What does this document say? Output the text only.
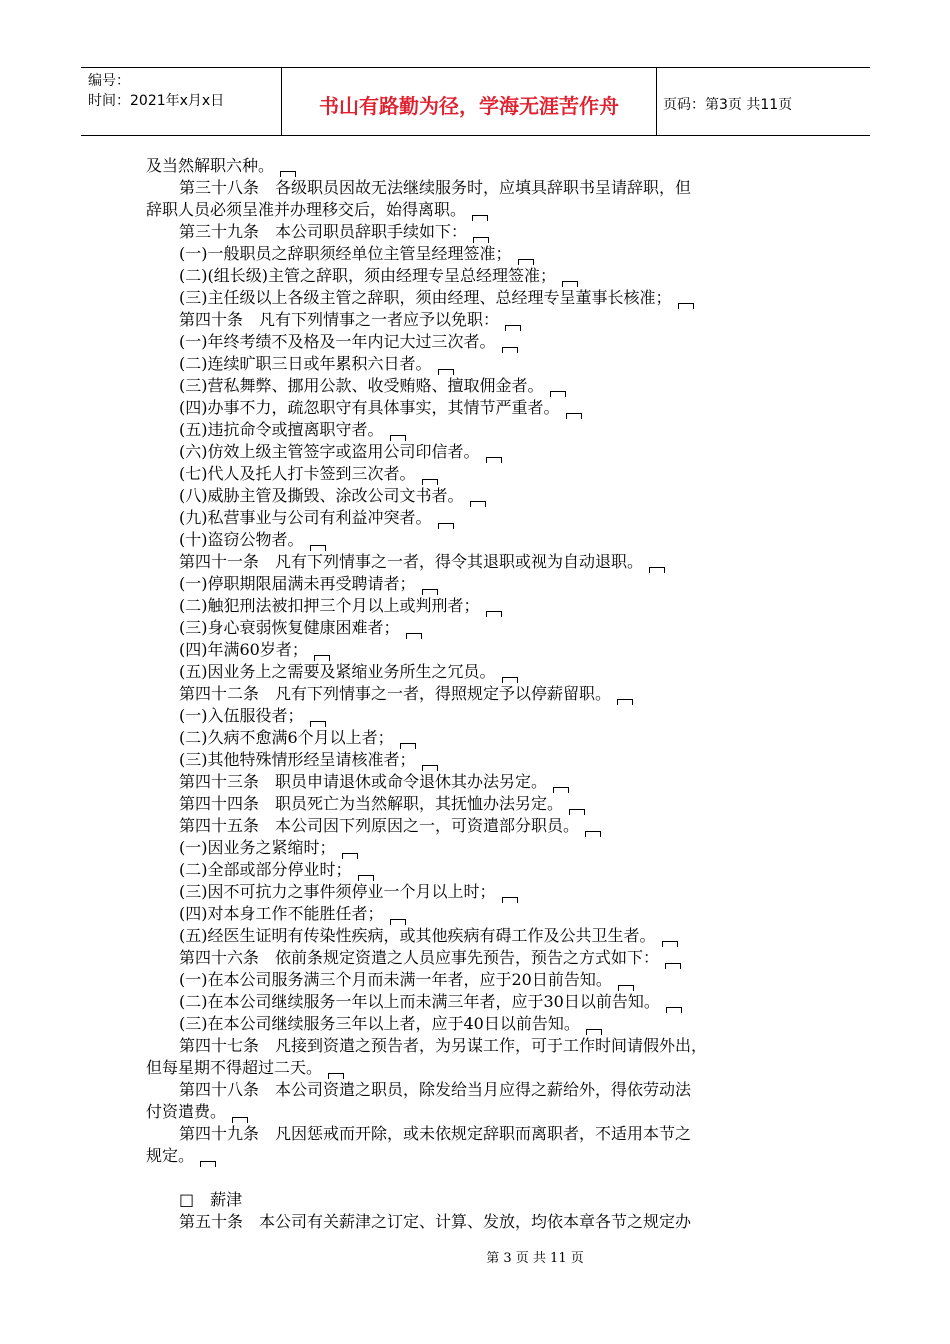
编号：
时间：2021年x月x日	书山有路勤为径，学海无涯苦作舟	页码：第3页 共11页
及当然解职六种。
第三十八条　各级职员因故无法继续服务时，应填具辞职书呈请辞职，但
辞职人员必须呈准并办理移交后，始得离职。
第三十九条　本公司职员辞职手续如下：
(一)一般职员之辞职须经单位主管呈经理签准；
(二)(组长级)主管之辞职，须由经理专呈总经理签准；
(三)主任级以上各级主管之辞职，须由经理、总经理专呈董事长核准；
第四十条　凡有下列情事之一者应予以免职：
(一)年终考绩不及格及一年内记大过三次者。
(二)连续旷职三日或年累积六日者。
(三)营私舞弊、挪用公款、收受贿赂、擅取佣金者。
(四)办事不力，疏忽职守有具体事实，其情节严重者。
(五)违抗命令或擅离职守者。
(六)仿效上级主管签字或盗用公司印信者。
(七)代人及托人打卡签到三次者。
(八)威胁主管及撕毁、涂改公司文书者。
(九)私营事业与公司有利益冲突者。
(十)盗窃公物者。
第四十一条　凡有下列情事之一者，得令其退职或视为自动退职。
(一)停职期限届满未再受聘请者；
(二)触犯刑法被扣押三个月以上或判刑者；
(三)身心衰弱恢复健康困难者；
(四)年满60岁者；
(五)因业务上之需要及紧缩业务所生之冗员。
第四十二条　凡有下列情事之一者，得照规定予以停薪留职。
(一)入伍服役者；
(二)久病不愈满6个月以上者；
(三)其他特殊情形经呈请核准者；
第四十三条　职员申请退休或命令退休其办法另定。
第四十四条　职员死亡为当然解职，其抚恤办法另定。
第四十五条　本公司因下列原因之一，可资遣部分职员。
(一)因业务之紧缩时；
(二)全部或部分停业时；
(三)因不可抗力之事件须停业一个月以上时；
(四)对本身工作不能胜任者；
(五)经医生证明有传染性疾病，或其他疾病有碍工作及公共卫生者。
第四十六条　依前条规定资遣之人员应事先预告，预告之方式如下：
(一)在本公司服务满三个月而未满一年者，应于20日前告知。
(二)在本公司继续服务一年以上而未满三年者，应于30日以前告知。
(三)在本公司继续服务三年以上者，应于40日以前告知。
第四十七条　凡接到资遣之预告者，为另谋工作，可于工作时间请假外出，
但每星期不得超过二天。
第四十八条　本公司资遣之职员，除发给当月应得之薪给外，得依劳动法
付资遣费。
第四十九条　凡因惩戒而开除，或未依规定辞职而离职者，不适用本节之
规定。
□　薪津
第五十条　本公司有关薪津之订定、计算、发放，均依本章各节之规定办
第 3 页 共 11 页
